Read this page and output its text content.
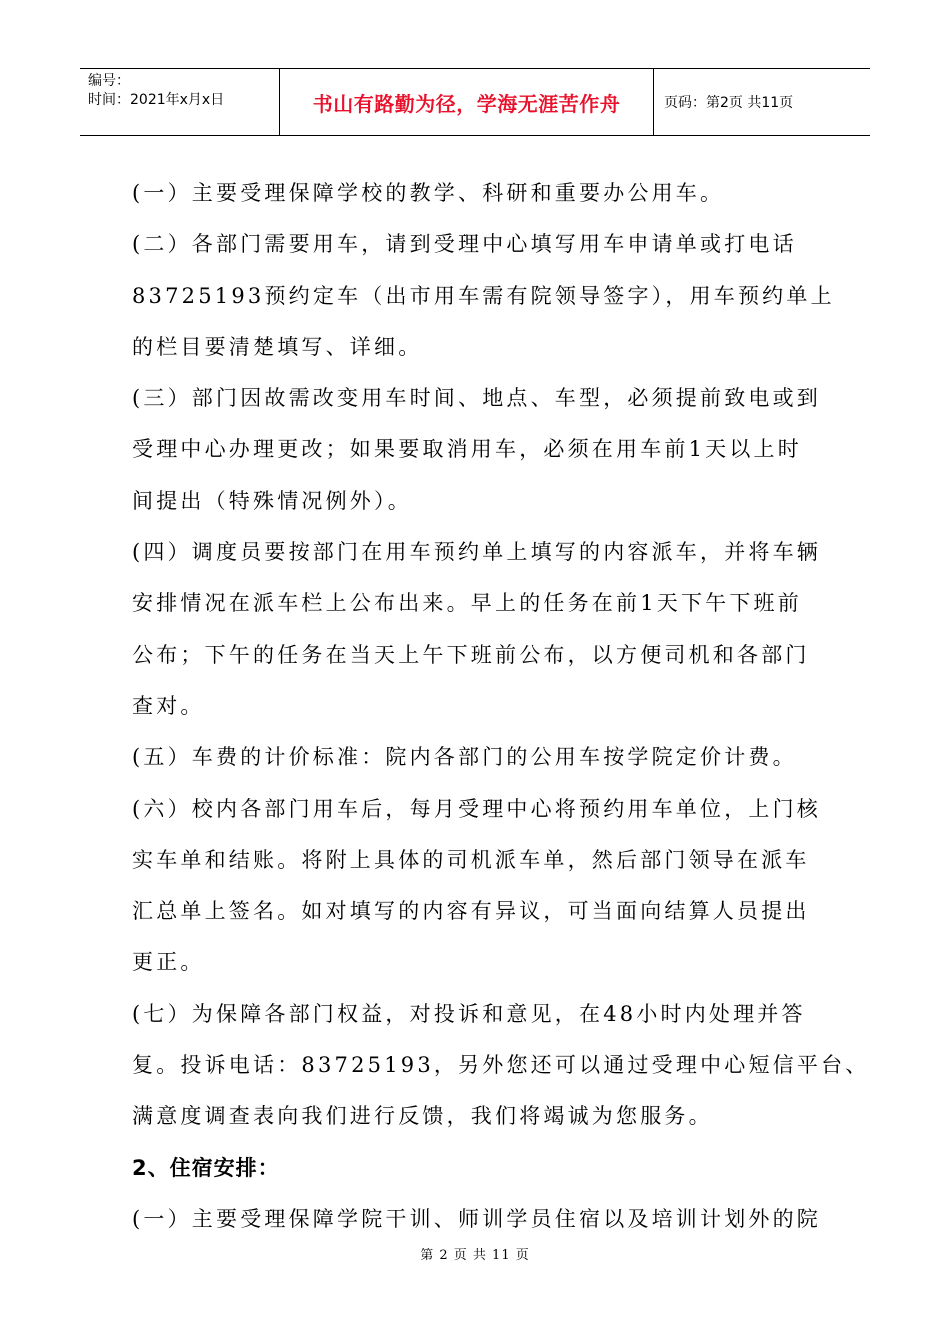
编号：
时间：2021年x月x日	书山有路勤为径，学海无涯苦作舟	页码：第2页 共11页

(一）主要受理保障学校的教学、科研和重要办公用车。

(二）各部门需要用车，请到受理中心填写用车申请单或打电话

83725193预约定车（出市用车需有院领导签字），用车预约单上

的栏目要清楚填写、详细。

(三）部门因故需改变用车时间、地点、车型，必须提前致电或到

受理中心办理更改；如果要取消用车，必须在用车前1天以上时

间提出（特殊情况例外）。

(四）调度员要按部门在用车预约单上填写的内容派车，并将车辆

安排情况在派车栏上公布出来。早上的任务在前1天下午下班前

公布；下午的任务在当天上午下班前公布，以方便司机和各部门

查对。

(五）车费的计价标准：院内各部门的公用车按学院定价计费。

(六）校内各部门用车后，每月受理中心将预约用车单位，上门核

实车单和结账。将附上具体的司机派车单，然后部门领导在派车

汇总单上签名。如对填写的内容有异议，可当面向结算人员提出

更正。

(七）为保障各部门权益，对投诉和意见，在48小时内处理并答

复。投诉电话：83725193，另外您还可以通过受理中心短信平台、

满意度调查表向我们进行反馈，我们将竭诚为您服务。

2、住宿安排：

(一）主要受理保障学院干训、师训学员住宿以及培训计划外的院

第 2 页 共 11 页
